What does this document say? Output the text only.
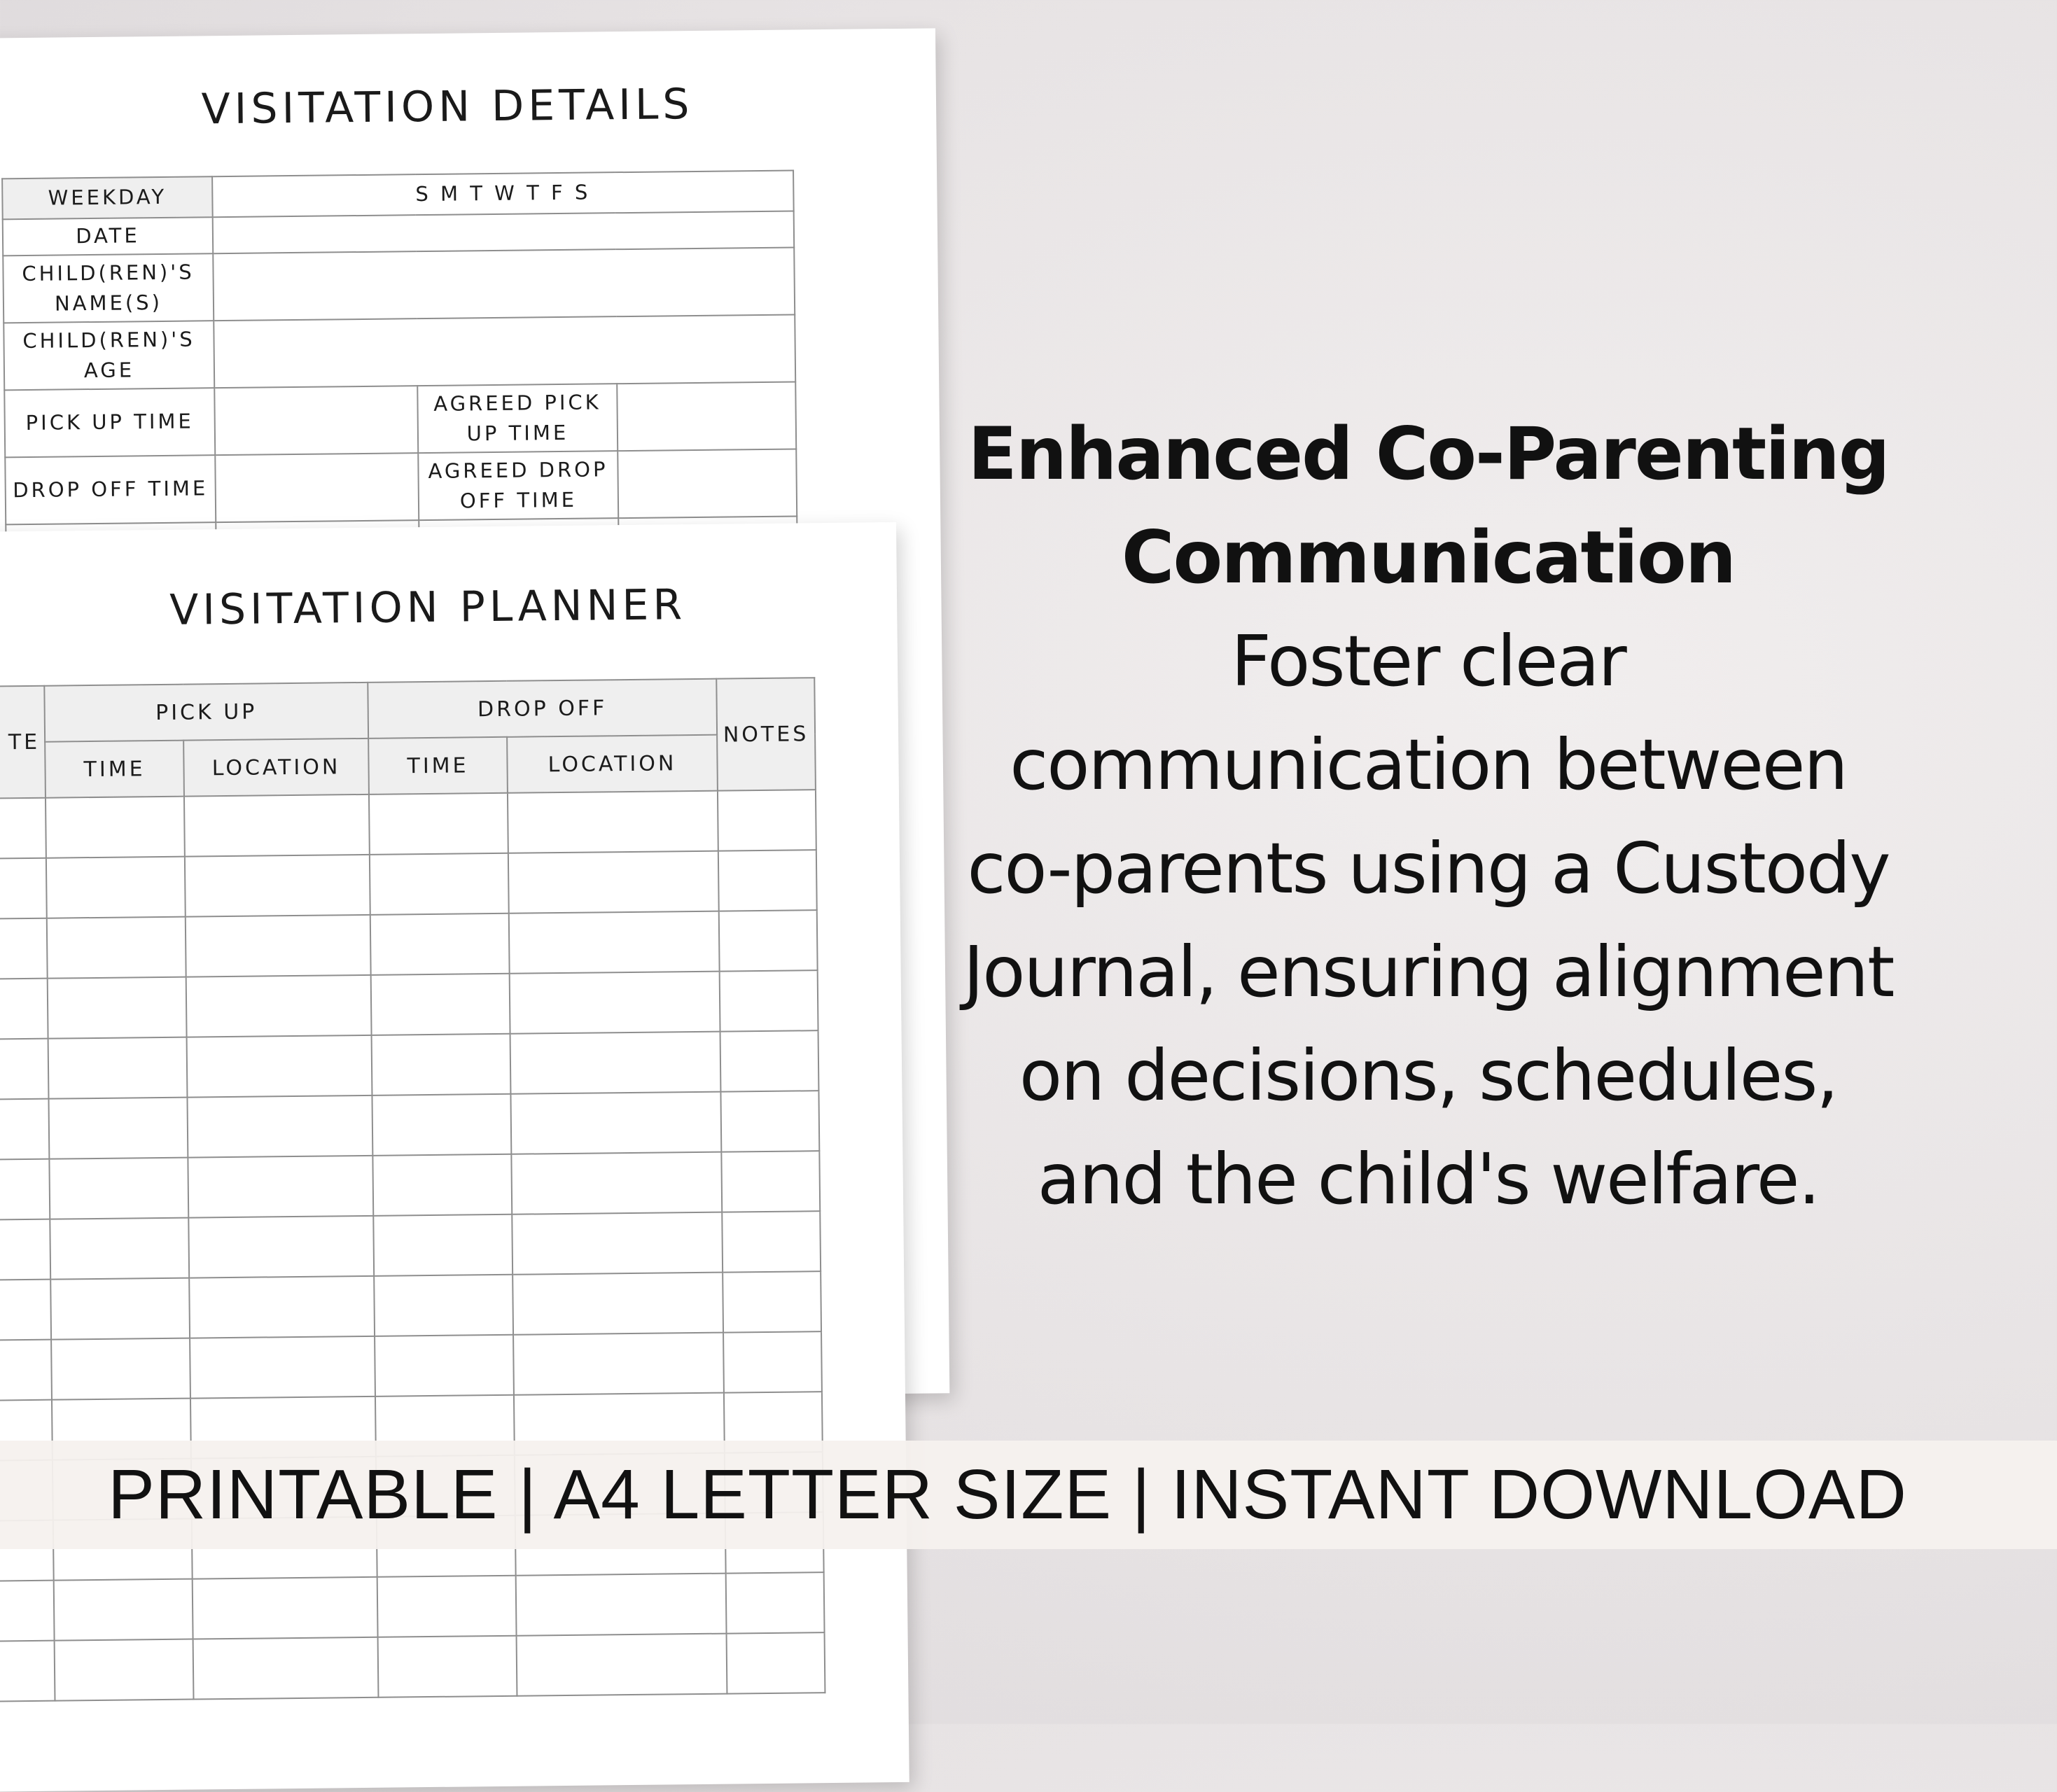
VISITATION DETAILS
WEEKDAY	S M T W T F S		
DATE			
CHILD(REN)'S NAME(S)			
CHILD(REN)'S AGE			
PICK UP TIME		AGREED PICK UP TIME	
DROP OFF TIME		AGREED DROP OFF TIME	

VISITATION PLANNER
TE	PICK UP		DROP OFF		NOTES
	TIME	LOCATION	TIME	LOCATION	

Enhanced Co-Parenting Communication
Foster clear communication between co-parents using a Custody Journal, ensuring alignment on decisions, schedules, and the child's welfare.
PRINTABLE | A4 LETTER SIZE | INSTANT DOWNLOAD
